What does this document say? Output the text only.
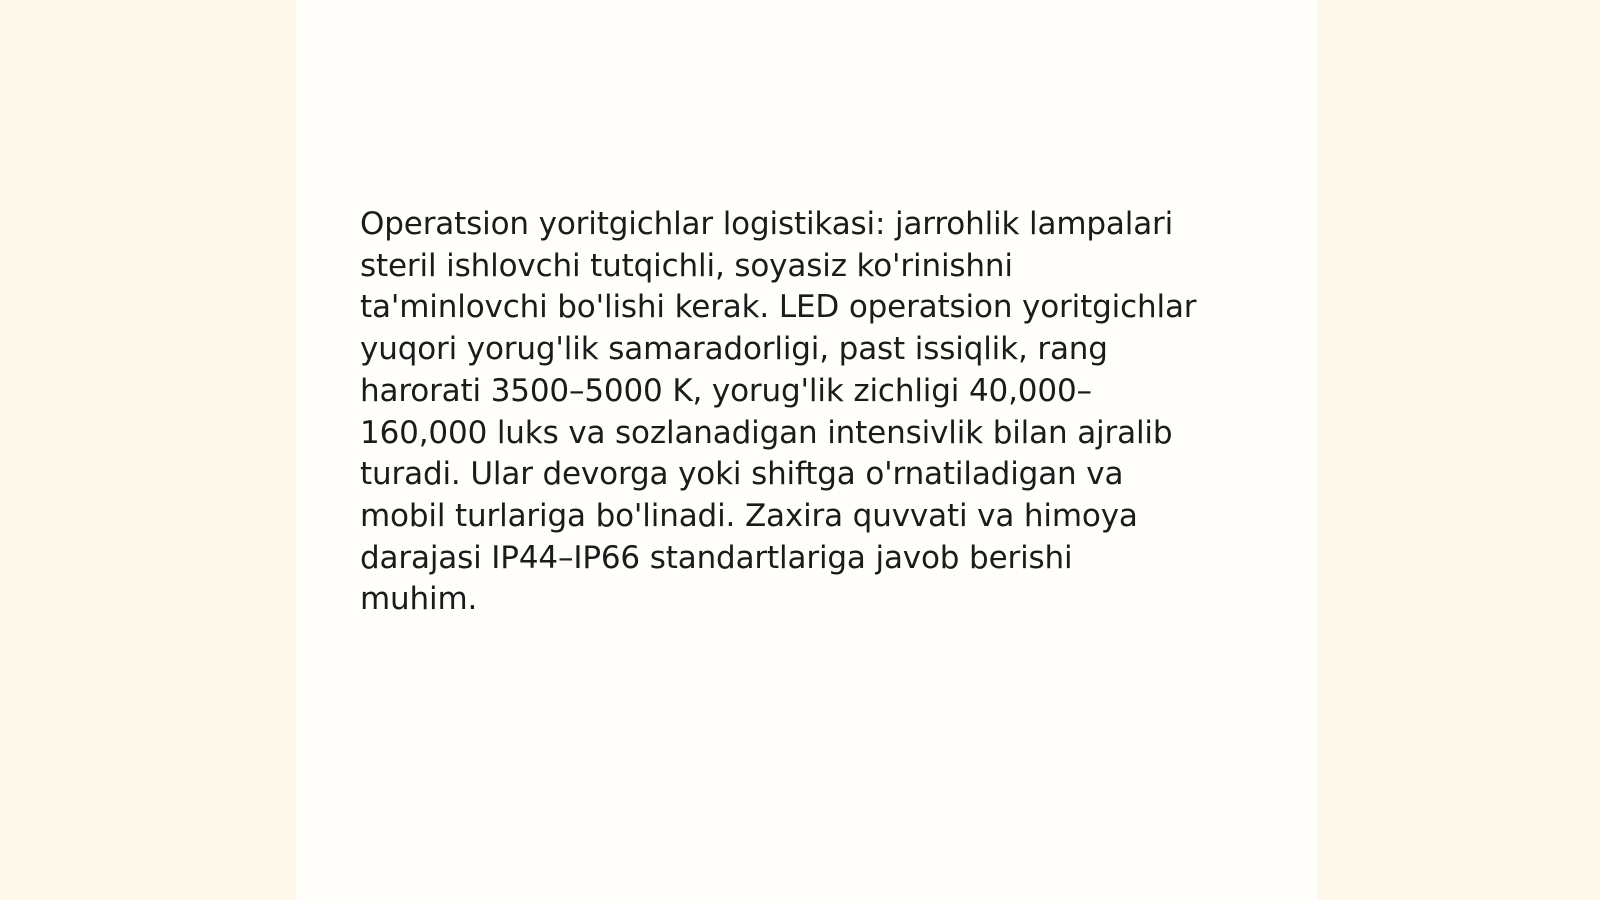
Operatsion yoritgichlar logistikasi: jarrohlik lampalari
steril ishlovchi tutqichli, soyasiz ko'rinishni
ta'minlovchi bo'lishi kerak. LED operatsion yoritgichlar
yuqori yorug'lik samaradorligi, past issiqlik, rang
harorati 3500–5000 K, yorug'lik zichligi 40,000–
160,000 luks va sozlanadigan intensivlik bilan ajralib
turadi. Ular devorga yoki shiftga o'rnatiladigan va
mobil turlariga bo'linadi. Zaxira quvvati va himoya
darajasi IP44–IP66 standartlariga javob berishi
muhim.
